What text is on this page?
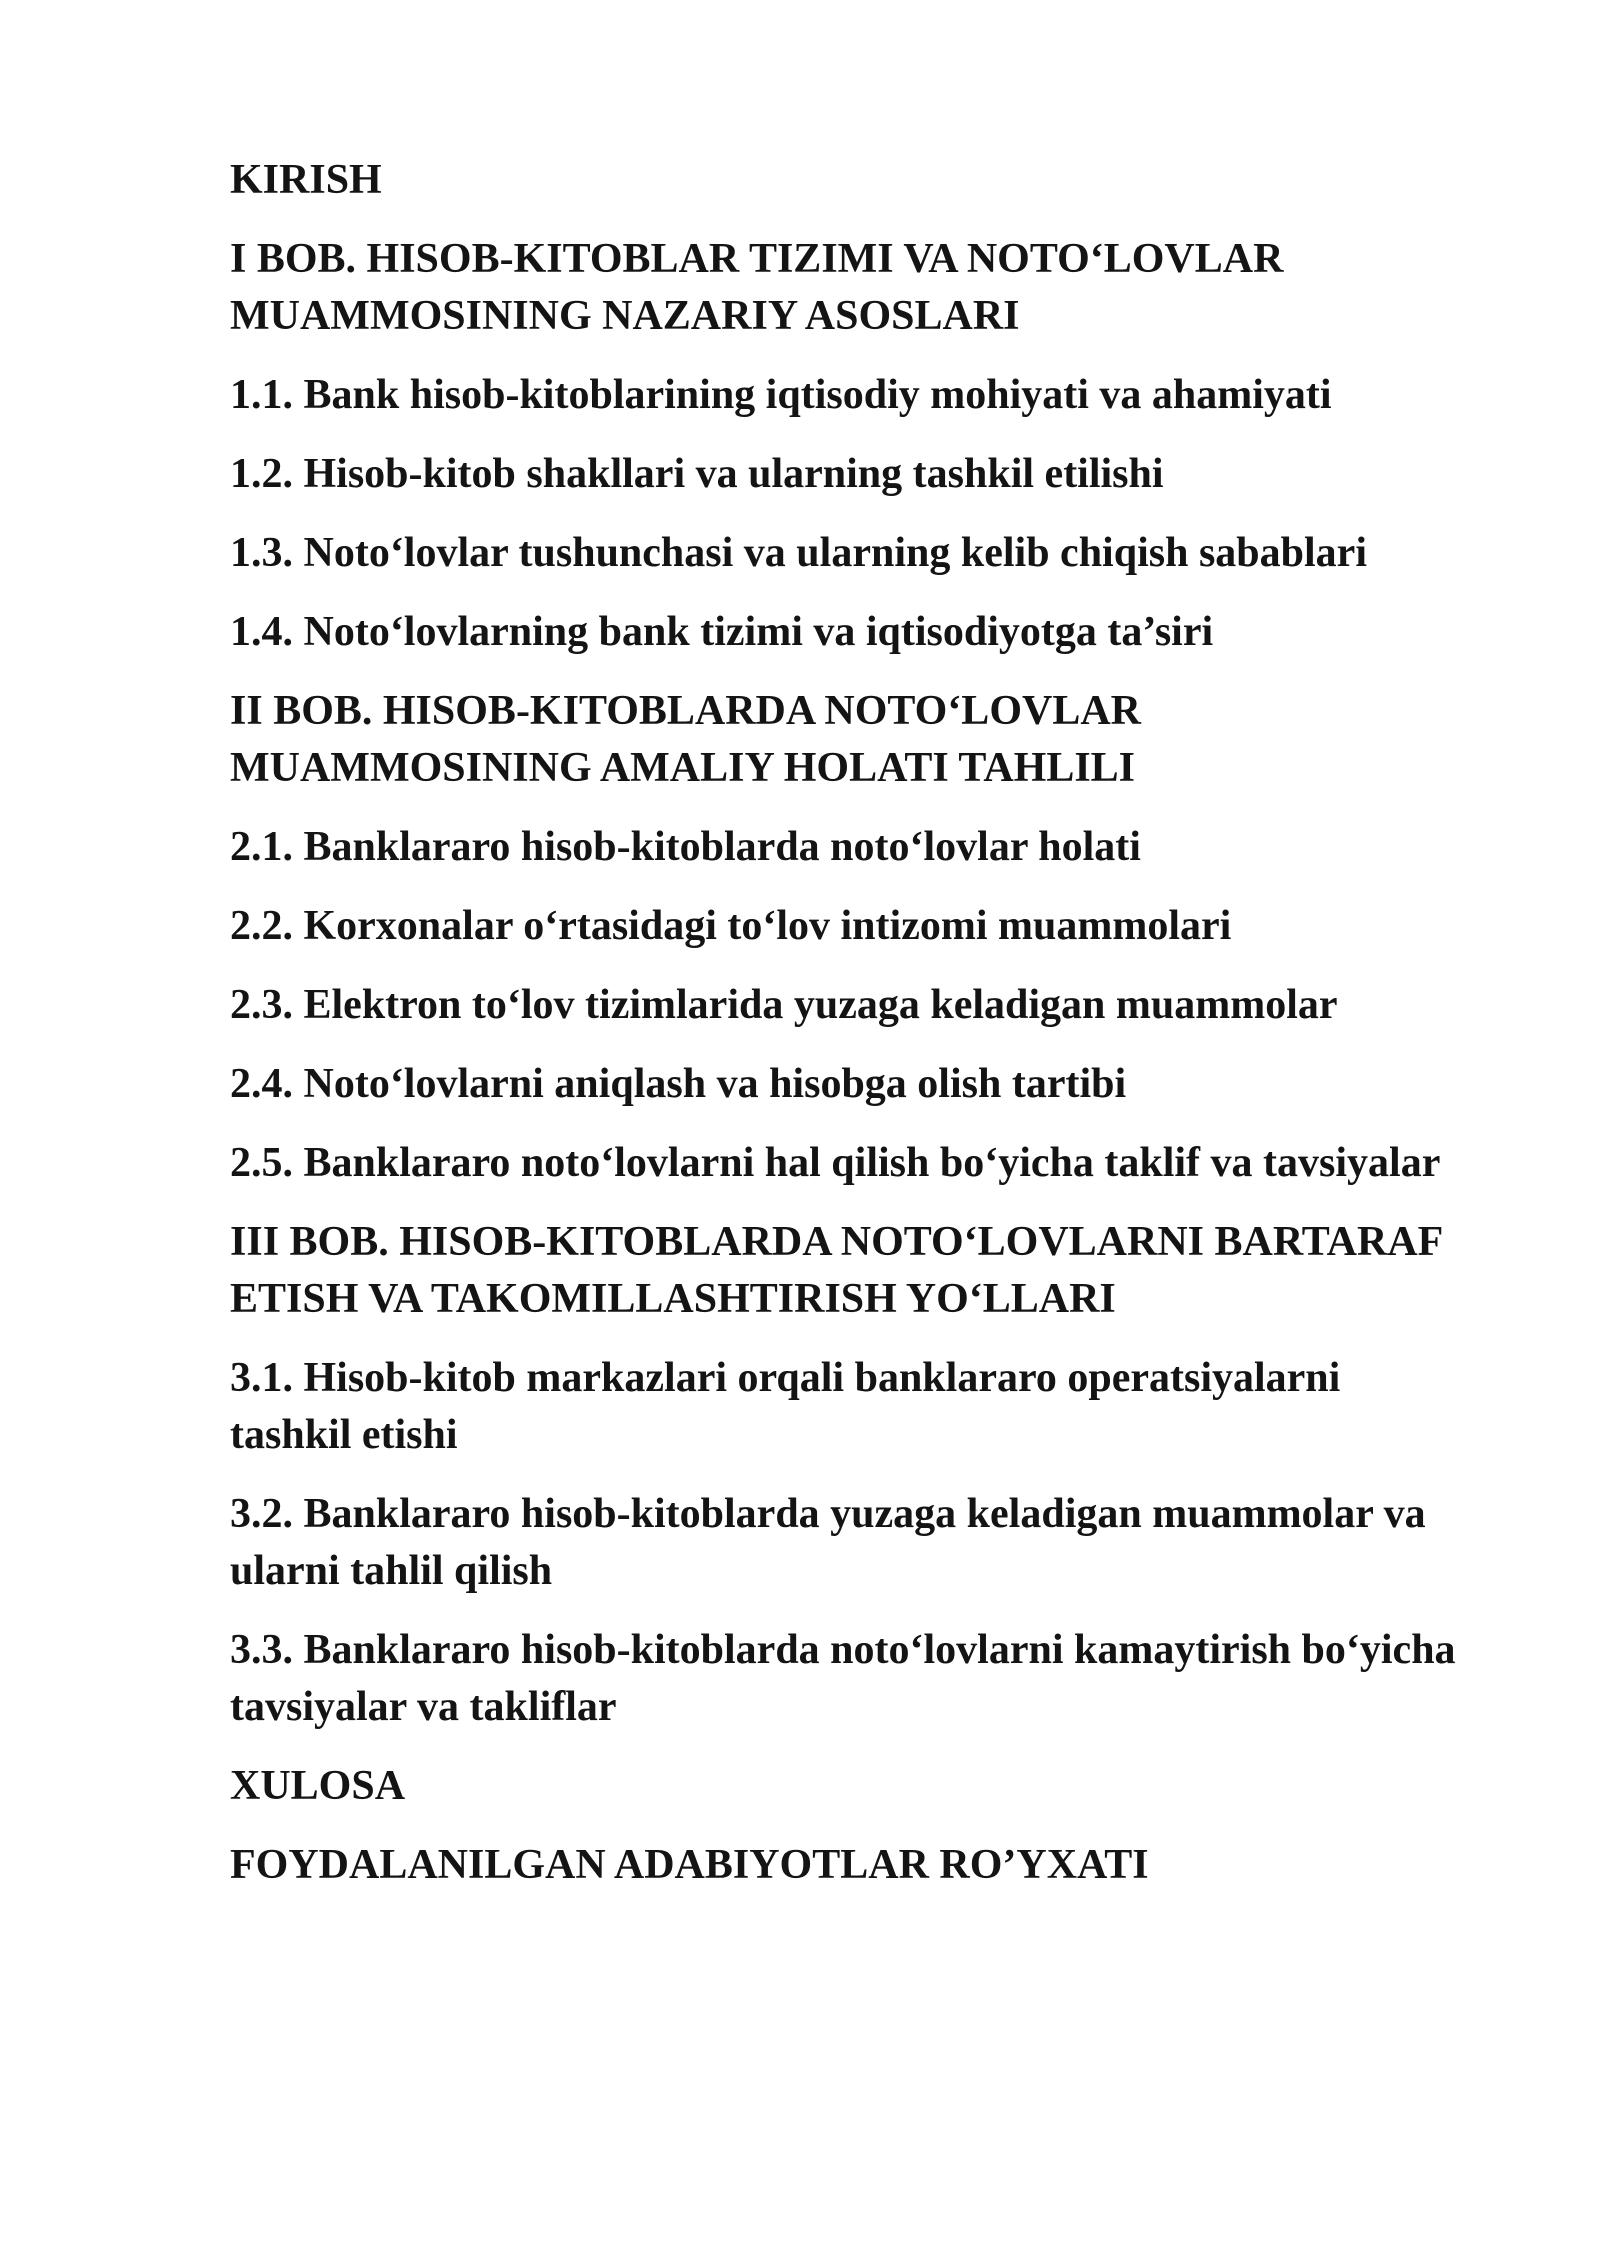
KIRISH
I BOB. HISOB-KITOBLAR TIZIMI VA NOTO‘LOVLAR
MUAMMOSINING NAZARIY ASOSLARI
1.1. Bank hisob-kitoblarining iqtisodiy mohiyati va ahamiyati
1.2. Hisob-kitob shakllari va ularning tashkil etilishi
1.3. Noto‘lovlar tushunchasi va ularning kelib chiqish sabablari
1.4. Noto‘lovlarning bank tizimi va iqtisodiyotga ta’siri
II BOB. HISOB-KITOBLARDA NOTO‘LOVLAR
MUAMMOSINING AMALIY HOLATI TAHLILI
2.1. Banklararo hisob-kitoblarda noto‘lovlar holati
2.2. Korxonalar o‘rtasidagi to‘lov intizomi muammolari
2.3. Elektron to‘lov tizimlarida yuzaga keladigan muammolar
2.4. Noto‘lovlarni aniqlash va hisobga olish tartibi
2.5. Banklararo noto‘lovlarni hal qilish bo‘yicha taklif va tavsiyalar
III BOB. HISOB-KITOBLARDA NOTO‘LOVLARNI BARTARAF
ETISH VA TAKOMILLASHTIRISH YO‘LLARI
3.1. Hisob-kitob markazlari orqali banklararo operatsiyalarni
tashkil etishi
3.2. Banklararo hisob-kitoblarda yuzaga keladigan muammolar va
ularni tahlil qilish
3.3. Banklararo hisob-kitoblarda noto‘lovlarni kamaytirish bo‘yicha
tavsiyalar va takliflar
XULOSA
FOYDALANILGAN ADABIYOTLAR RO’YXATI
